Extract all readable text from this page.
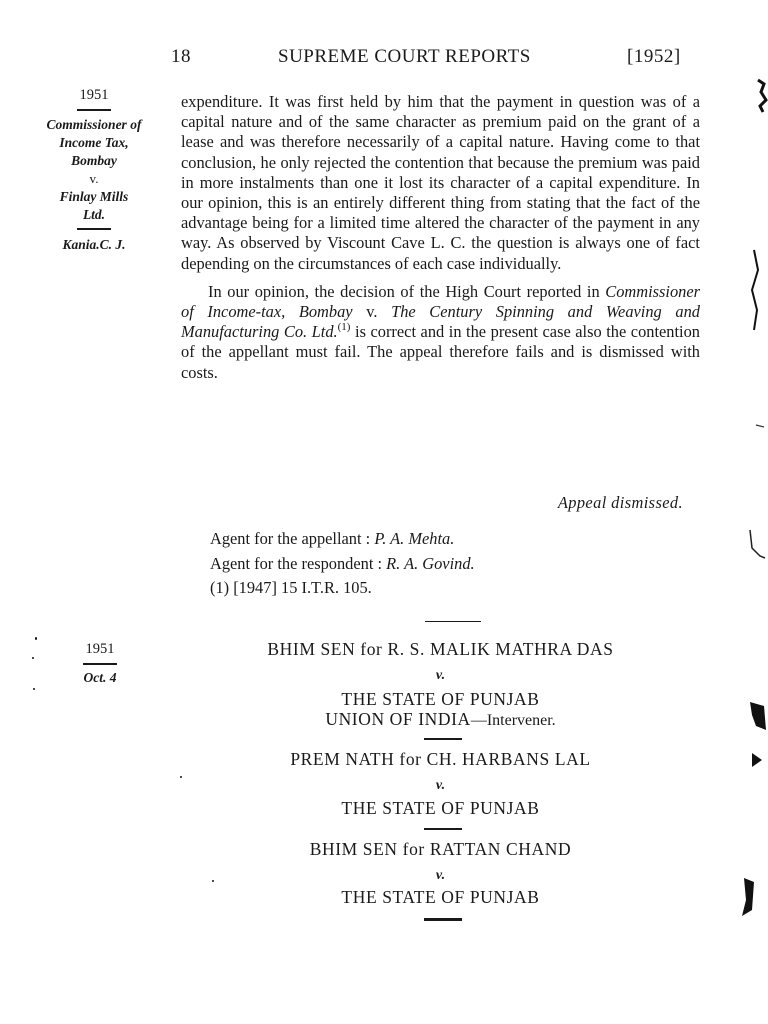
18	SUPREME COURT REPORTS	[1952]
1951
Commissioner of
Income Tax,
Bombay
v.
Finlay Mills
Ltd.
Kania.C. J.

expenditure. It was first held by him that the payment in question was of a capital nature and of the same character as premium paid on the grant of a lease and was therefore necessarily of a capital nature. Having come to that conclusion, he only rejected the contention that because the premium was paid in more instalments than one it lost its character of a capital expenditure. In our opinion, this is an entirely different thing from stating that the fact of the advantage being for a limited time altered the character of the payment in any way. As observed by Viscount Cave L. C. the question is always one of fact depending on the circumstances of each case individually.

In our opinion, the decision of the High Court reported in Commissioner of Income-tax, Bombay v. The Century Spinning and Weaving and Manufacturing Co. Ltd.$^{(1)}$ is correct and in the present case also the contention of the appellant must fail. The appeal therefore fails and is dismissed with costs.

Appeal dismissed.
Agent for the appellant : P. A. Mehta.
Agent for the respondent : R. A. Govind.
(1) [1947] 15 I.T.R. 105.
1951
Oct. 4
BHIM SEN for R. S. MALIK MATHRA DAS
v.
THE STATE OF PUNJAB
UNION OF INDIA—Intervener.
PREM NATH for CH. HARBANS LAL
v.
THE STATE OF PUNJAB
BHIM SEN for RATTAN CHAND
v.
THE STATE OF PUNJAB
